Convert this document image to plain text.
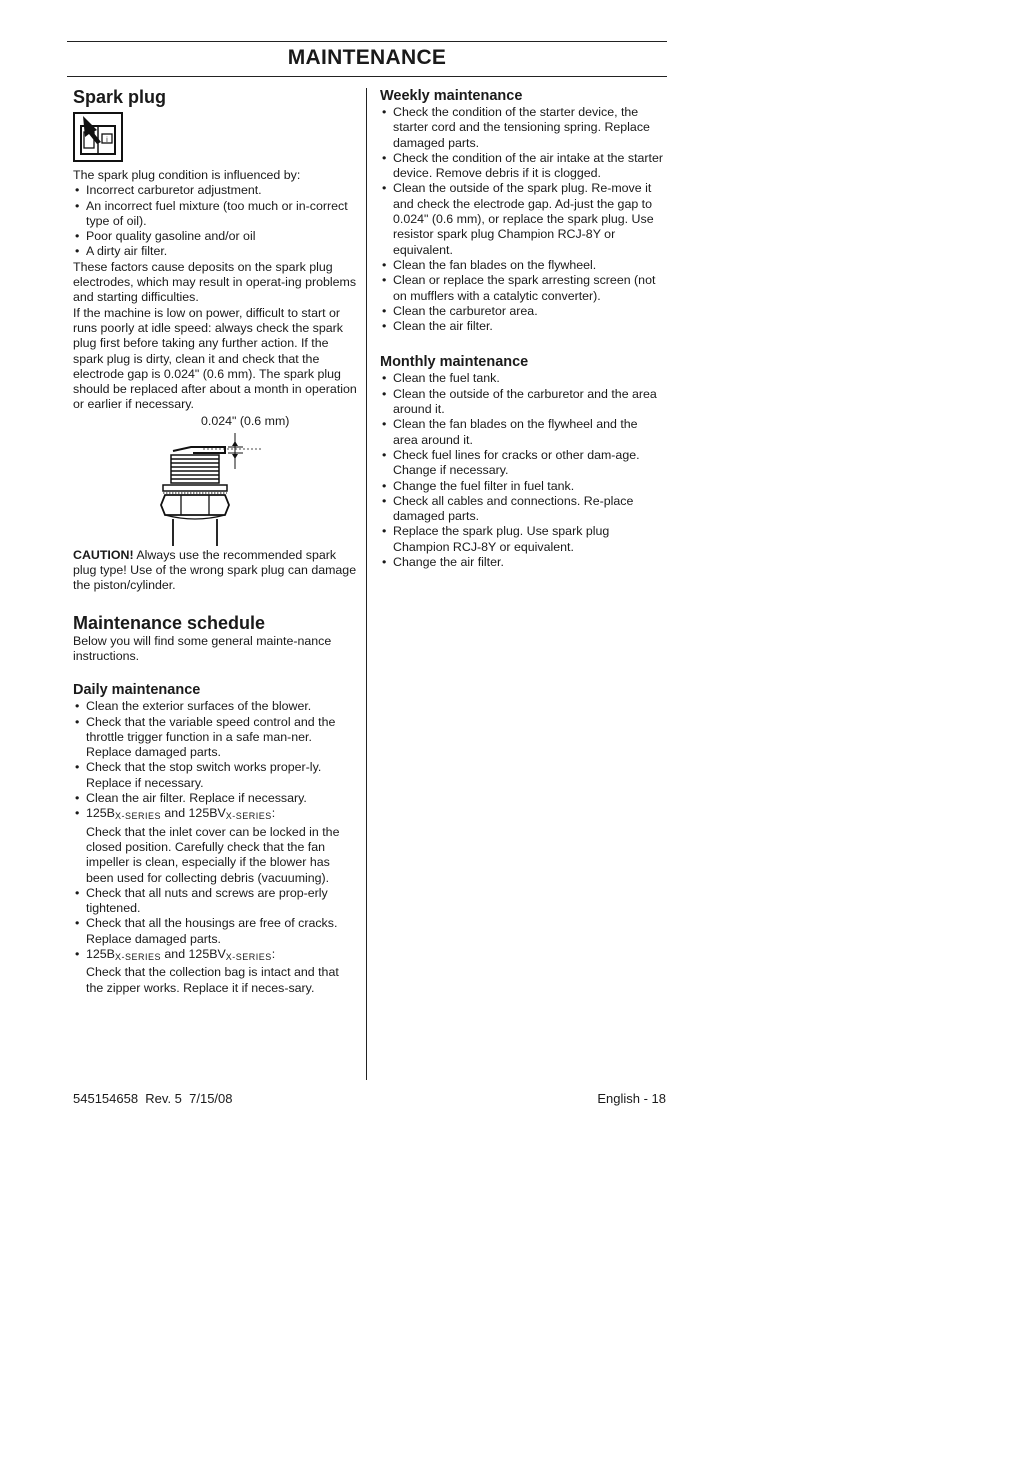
MAINTENANCE
Spark plug
i

The spark plug condition is influenced by:

• Incorrect carburetor adjustment.
• An incorrect fuel mixture (too much or in-correct type of oil).
• Poor quality gasoline and/or oil
• A dirty air filter.

These factors cause deposits on the spark plug electrodes, which may result in operat-ing problems and starting difficulties.

If the machine is low on power, difficult to start or runs poorly at idle speed: always check the spark plug first before taking any further action. If the spark plug is dirty, clean it and check that the electrode gap is 0.024" (0.6 mm). The spark plug should be replaced after about a month in operation or earlier if necessary.

0.024" (0.6 mm)

CAUTION! Always use the recommended spark plug type! Use of the wrong spark plug can damage the piston/cylinder.

Maintenance schedule

Below you will find some general mainte-nance instructions.

Daily maintenance
• Clean the exterior surfaces of the blower.
• Check that the variable speed control and the throttle trigger function in a safe man-ner. Replace damaged parts.
• Check that the stop switch works proper-ly. Replace if necessary.
• Clean the air filter. Replace if necessary.
• $125B_{X-SERIES}$ and $125BV_{X-SERIES}$:
Check that the inlet cover can be locked in the closed position. Carefully check that the fan impeller is clean, especially if the blower has been used for collecting debris (vacuuming).
• Check that all nuts and screws are prop-erly tightened.
• Check that all the housings are free of cracks. Replace damaged parts.
• $125B_{X-SERIES}$ and $125BV_{X-SERIES}$:
Check that the collection bag is intact and that the zipper works. Replace it if neces-sary.
Weekly maintenance
• Check the condition of the starter device, the starter cord and the tensioning spring. Replace damaged parts.
• Check the condition of the air intake at the starter device. Remove debris if it is clogged.
• Clean the outside of the spark plug. Re-move it and check the electrode gap. Ad-just the gap to 0.024" (0.6 mm), or replace the spark plug. Use resistor spark plug Champion RCJ-8Y or equivalent.
• Clean the fan blades on the flywheel.
• Clean or replace the spark arresting screen (not on mufflers with a catalytic converter).
• Clean the carburetor area.
• Clean the air filter.
Monthly maintenance
• Clean the fuel tank.
• Clean the outside of the carburetor and the area around it.
• Clean the fan blades on the flywheel and the area around it.
• Check fuel lines for cracks or other dam-age. Change if necessary.
• Change the fuel filter in fuel tank.
• Check all cables and connections. Re-place damaged parts.
• Replace the spark plug. Use spark plug Champion RCJ-8Y or equivalent.
• Change the air filter.
545154658  Rev. 5  7/15/08	English - 18
